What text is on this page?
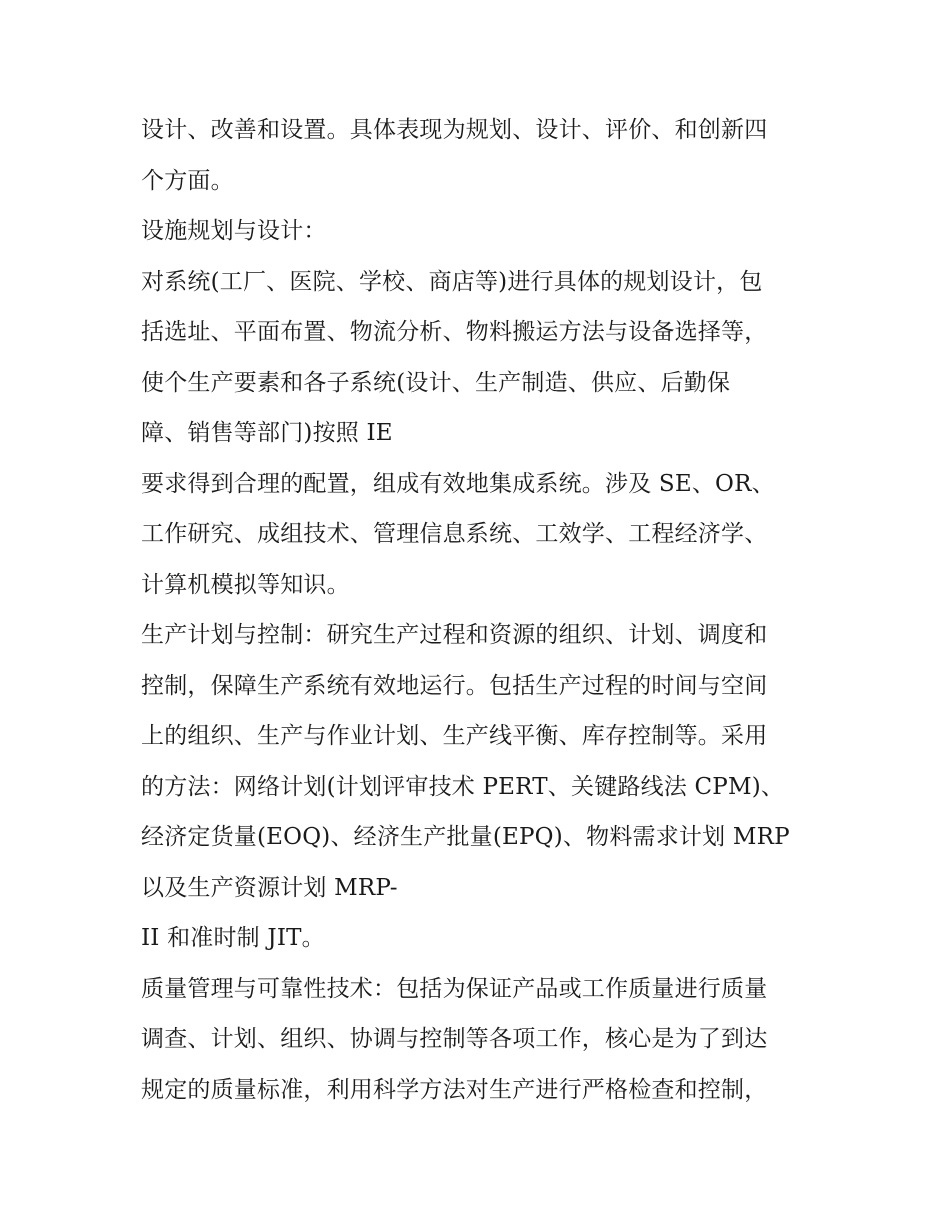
设计、改善和设置。具体表现为规划、设计、评价、和创新四
个方面。
设施规划与设计：
对系统(工厂、医院、学校、商店等)进行具体的规划设计，包
括选址、平面布置、物流分析、物料搬运方法与设备选择等，
使个生产要素和各子系统(设计、生产制造、供应、后勤保
障、销售等部门)按照 IE
要求得到合理的配置，组成有效地集成系统。涉及 SE、OR、
工作研究、成组技术、管理信息系统、工效学、工程经济学、
计算机模拟等知识。
生产计划与控制：研究生产过程和资源的组织、计划、调度和
控制，保障生产系统有效地运行。包括生产过程的时间与空间
上的组织、生产与作业计划、生产线平衡、库存控制等。采用
的方法：网络计划(计划评审技术 PERT、关键路线法 CPM)、
经济定货量(EOQ)、经济生产批量(EPQ)、物料需求计划 MRP
以及生产资源计划 MRP-
II 和准时制 JIT。
质量管理与可靠性技术：包括为保证产品或工作质量进行质量
调查、计划、组织、协调与控制等各项工作，核心是为了到达
规定的质量标准，利用科学方法对生产进行严格检查和控制，
